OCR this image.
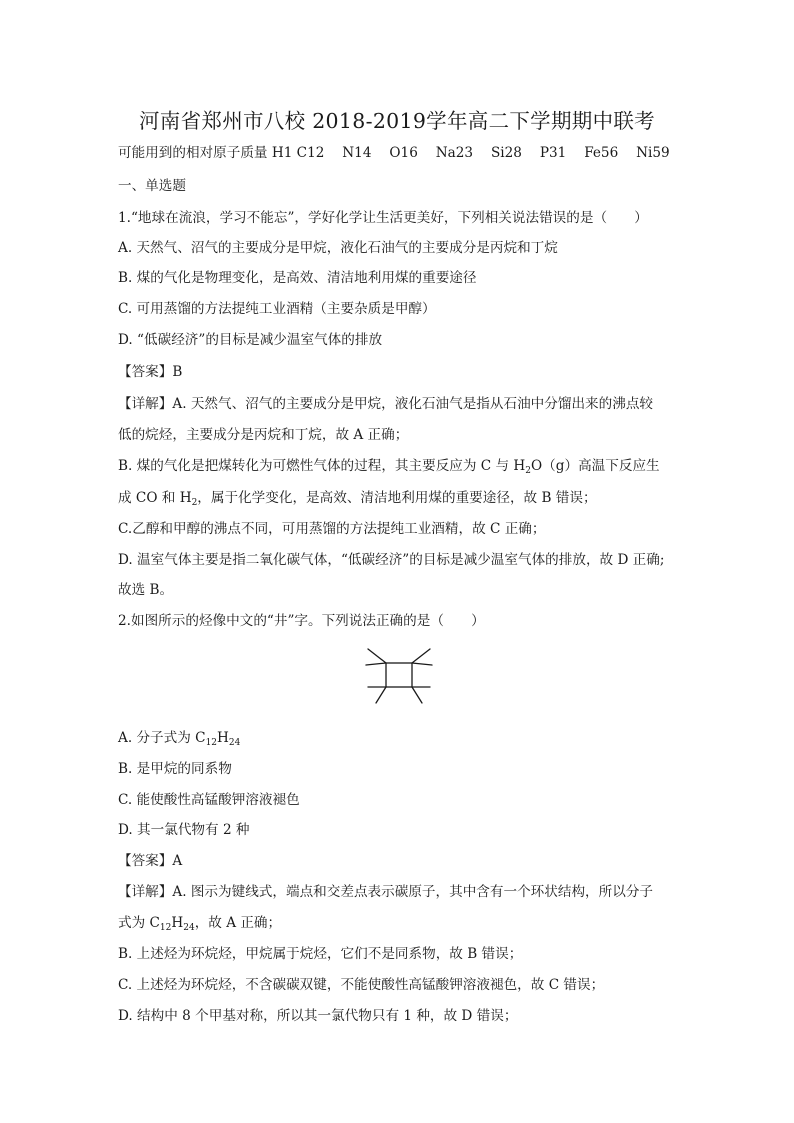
河南省郑州市八校 2018-2019学年高二下学期期中联考
可能用到的相对原子质量 H1 C12 　N14 　O16 　Na23 　Si28 　P31 　Fe56 　Ni59
一、单选题
1.“地球在流浪，学习不能忘”，学好化学让生活更美好，下列相关说法错误的是（　　）
A. 天然气、沼气的主要成分是甲烷，液化石油气的主要成分是丙烷和丁烷
B. 煤的气化是物理变化，是高效、清洁地利用煤的重要途径
C. 可用蒸馏的方法提纯工业酒精（主要杂质是甲醇）
D. “低碳经济”的目标是减少温室气体的排放
【答案】B
【详解】A. 天然气、沼气的主要成分是甲烷，液化石油气是指从石油中分馏出来的沸点较
低的烷烃，主要成分是丙烷和丁烷，故 A 正确；
B. 煤的气化是把煤转化为可燃性气体的过程，其主要反应为 C 与 $H_2O(g)$高温下反应生
成 CO 和 $H_2$，属于化学变化，是高效、清洁地利用煤的重要途径，故 B 错误；
C.乙醇和甲醇的沸点不同，可用蒸馏的方法提纯工业酒精，故 C 正确；
D. 温室气体主要是指二氧化碳气体，“低碳经济”的目标是减少温室气体的排放，故 D 正确;
故选 B。
2.如图所示的烃像中文的“井”字。下列说法正确的是（　　）
A. 分子式为 $C_{12}H_{24}$
B. 是甲烷的同系物
C. 能使酸性高锰酸钾溶液褪色
D. 其一氯代物有 2 种
【答案】A
【详解】A. 图示为键线式，端点和交差点表示碳原子，其中含有一个环状结构，所以分子
式为 $C_{12}H_{24}$，故 A 正确；
B. 上述烃为环烷烃，甲烷属于烷烃，它们不是同系物，故 B 错误；
C. 上述烃为环烷烃，不含碳碳双键，不能使酸性高锰酸钾溶液褪色，故 C 错误；
D. 结构中 8 个甲基对称，所以其一氯代物只有 1 种，故 D 错误；
